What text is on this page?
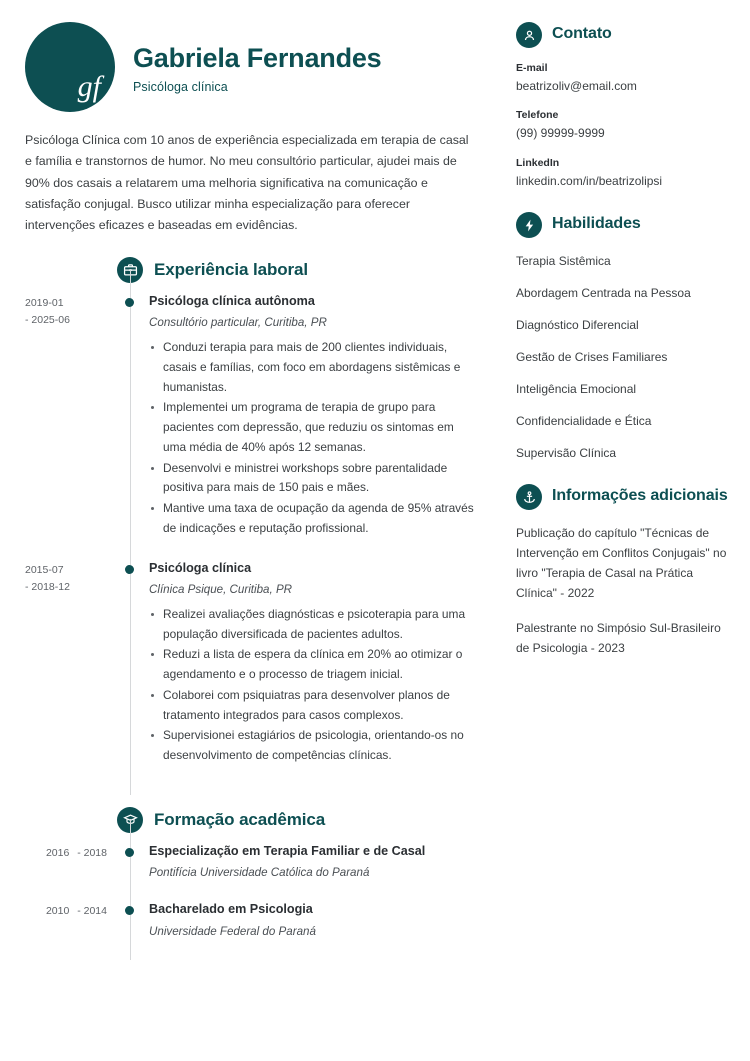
gf
Gabriela Fernandes
Psicóloga clínica
Psicóloga Clínica com 10 anos de experiência especializada em terapia de casal e família e transtornos de humor. No meu consultório particular, ajudei mais de 90% dos casais a relatarem uma melhoria significativa na comunicação e satisfação conjugal. Busco utilizar minha especialização para oferecer intervenções eficazes e baseadas em evidências.
Experiência laboral
2019-01
- 2025-06
Psicóloga clínica autônoma
Consultório particular, Curitiba, PR
Conduzi terapia para mais de 200 clientes individuais, casais e famílias, com foco em abordagens sistêmicas e humanistas.
Implementei um programa de terapia de grupo para pacientes com depressão, que reduziu os sintomas em uma média de 40% após 12 semanas.
Desenvolvi e ministrei workshops sobre parentalidade positiva para mais de 150 pais e mães.
Mantive uma taxa de ocupação da agenda de 95% através de indicações e reputação profissional.
2015-07
- 2018-12
Psicóloga clínica
Clínica Psique, Curitiba, PR
Realizei avaliações diagnósticas e psicoterapia para uma população diversificada de pacientes adultos.
Reduzi a lista de espera da clínica em 20% ao otimizar o agendamento e o processo de triagem inicial.
Colaborei com psiquiatras para desenvolver planos de tratamento integrados para casos complexos.
Supervisionei estagiários de psicologia, orientando-os no desenvolvimento de competências clínicas.
Formação acadêmica
2016 - 2018	Especialização em Terapia Familiar e de Casal
Pontifícia Universidade Católica do Paraná
2010 - 2014	Bacharelado em Psicologia
Universidade Federal do Paraná
Contato
E-mail
beatrizoliv@email.com
Telefone
(99) 99999-9999
LinkedIn
linkedin.com/in/beatrizolipsi
Habilidades
Terapia Sistêmica
Abordagem Centrada na Pessoa
Diagnóstico Diferencial
Gestão de Crises Familiares
Inteligência Emocional
Confidencialidade e Ética
Supervisão Clínica
Informações adicionais
Publicação do capítulo "Técnicas de Intervenção em Conflitos Conjugais" no livro "Terapia de Casal na Prática Clínica" - 2022
Palestrante no Simpósio Sul-Brasileiro de Psicologia - 2023
